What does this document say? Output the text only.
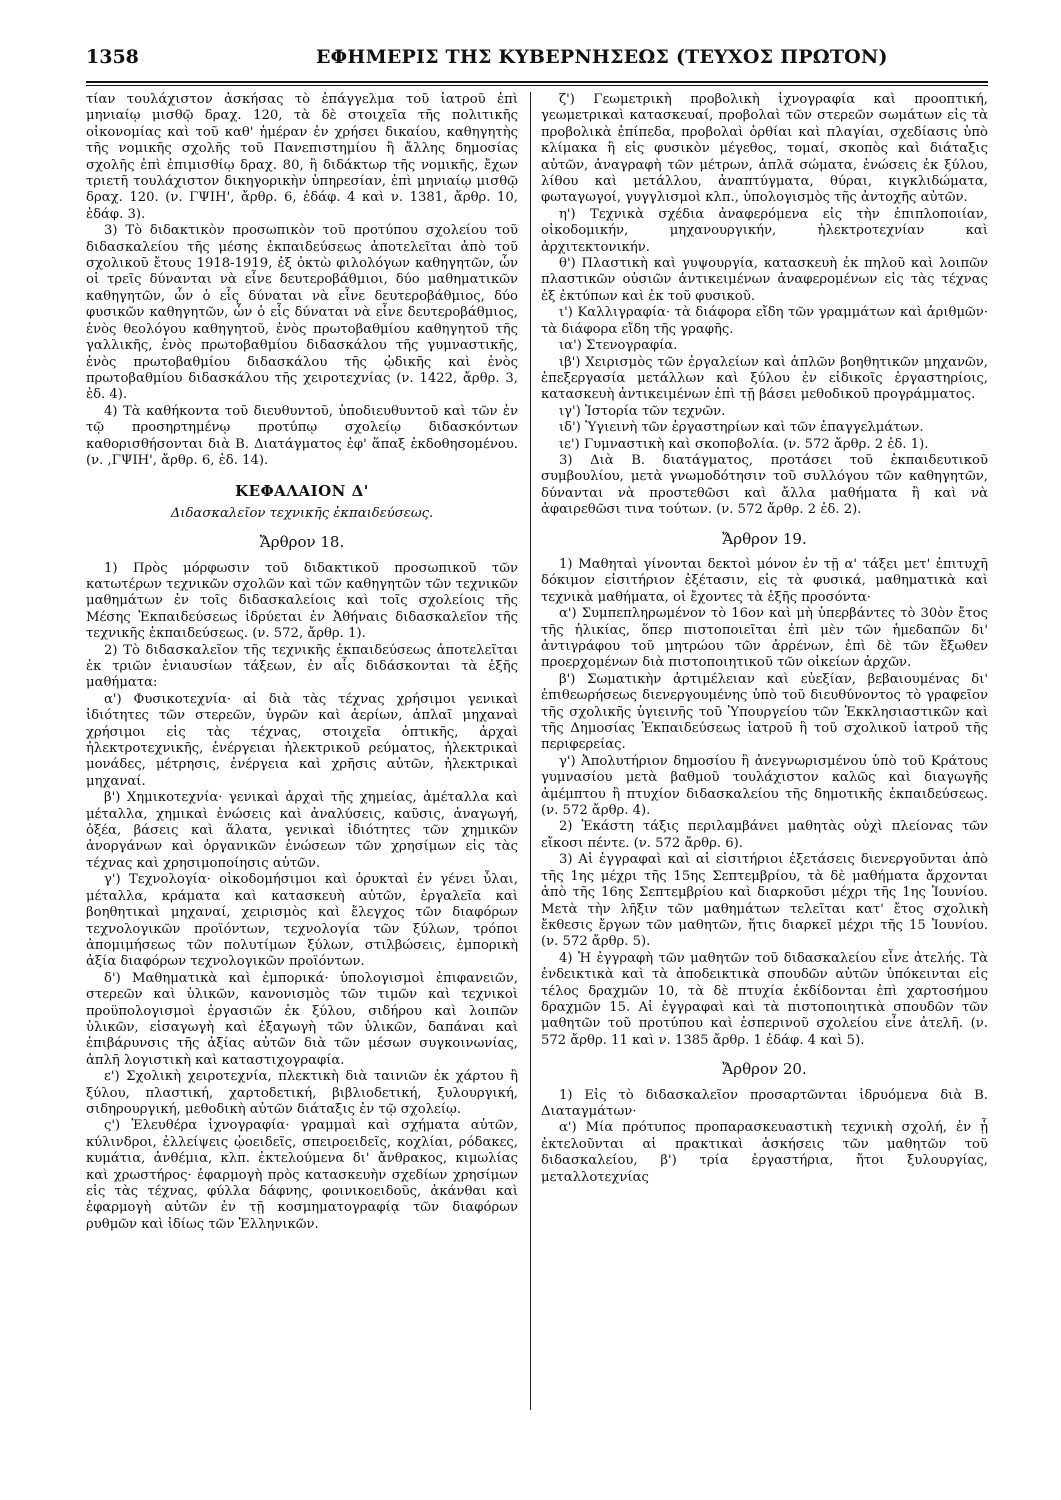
1358	ΕΦΗΜΕΡΙΣ ΤΗΣ ΚΥΒΕΡΝΗΣΕΩΣ (ΤΕΥΧΟΣ ΠΡΩΤΟΝ)

τίαν τουλάχιστον ἀσκήσας τὸ ἐπάγγελμα τοῦ ἰατροῦ ἐπὶ μηνιαίῳ μισθῷ δραχ. 120, τὰ δὲ στοιχεῖα τῆς πολιτικῆς οἰκονομίας καὶ τοῦ καθ' ἡμέραν ἐν χρήσει δικαίου, καθηγητὴς τῆς νομικῆς σχολῆς τοῦ Πανεπιστημίου ἢ ἄλλης δημοσίας σχολῆς ἐπὶ ἐπιμισθίῳ δραχ. 80, ἢ διδάκτωρ τῆς νομικῆς, ἔχων τριετῆ τουλάχιστον δικηγορικὴν ὑπηρεσίαν, ἐπὶ μηνιαίῳ μισθῷ δραχ. 120. (ν. ΓΨΙΗ', ἄρθρ. 6, ἐδάφ. 4 καὶ ν. 1381, ἄρθρ. 10, ἐδάφ. 3).

3) Τὸ διδακτικὸν προσωπικὸν τοῦ προτύπου σχολείου τοῦ διδασκαλείου τῆς μέσης ἐκπαιδεύσεως ἀποτελεῖται ἀπὸ τοῦ σχολικοῦ ἔτους 1918-1919, ἐξ ὀκτὼ φιλολόγων καθηγητῶν, ὧν οἱ τρεῖς δύνανται νὰ εἶνε δευτεροβάθμιοι, δύο μαθηματικῶν καθηγητῶν, ὧν ὁ εἷς δύναται νὰ εἶνε δευτεροβάθμιος, δύο φυσικῶν καθηγητῶν, ὧν ὁ εἷς δύναται νὰ εἶνε δευτεροβάθμιος, ἑνὸς θεολόγου καθηγητοῦ, ἑνὸς πρωτοβαθμίου καθηγητοῦ τῆς γαλλικῆς, ἑνὸς πρωτοβαθμίου διδασκάλου τῆς γυμναστικῆς, ἑνὸς πρωτοβαθμίου διδασκάλου τῆς ᾠδικῆς καὶ ἑνὸς πρωτοβαθμίου διδασκάλου τῆς χειροτεχνίας (ν. 1422, ἄρθρ. 3, ἐδ. 4).

4) Τὰ καθήκοντα τοῦ διευθυντοῦ, ὑποδιευθυντοῦ καὶ τῶν ἐν τῷ προσηρτημένῳ προτύπῳ σχολείῳ διδασκόντων καθορισθήσονται διὰ Β. Διατάγματος ἐφ' ἅπαξ ἐκδοθησομένου. (ν. ,ΓΨΙΗ', ἄρθρ. 6, ἐδ. 14).

ΚΕΦΑΛΑΙΟΝ Δ'
Διδασκαλεῖον τεχνικῆς ἐκπαιδεύσεως.
Ἄρθρον 18.

1) Πρὸς μόρφωσιν τοῦ διδακτικοῦ προσωπικοῦ τῶν κατωτέρων τεχνικῶν σχολῶν καὶ τῶν καθηγητῶν τῶν τεχνικῶν μαθημάτων ἐν τοῖς διδασκαλείοις καὶ τοῖς σχολείοις τῆς Μέσης Ἐκπαιδεύσεως ἱδρύεται ἐν Ἀθήναις διδασκαλεῖον τῆς τεχνικῆς ἐκπαιδεύσεως. (ν. 572, ἄρθρ. 1).

2) Τὸ διδασκαλεῖον τῆς τεχνικῆς ἐκπαιδεύσεως ἀποτελεῖται ἐκ τριῶν ἐνιαυσίων τάξεων, ἐν αἷς διδάσκονται τὰ ἑξῆς μαθήματα:

α') Φυσικοτεχνία· αἱ διὰ τὰς τέχνας χρήσιμοι γενικαὶ ἰδιότητες τῶν στερεῶν, ὑγρῶν καὶ ἀερίων, ἁπλαῖ μηχαναὶ χρήσιμοι εἰς τὰς τέχνας, στοιχεῖα ὀπτικῆς, ἀρχαὶ ἠλεκτροτεχνικῆς, ἐνέργειαι ἠλεκτρικοῦ ρεύματος, ἠλεκτρικαὶ μονάδες, μέτρησις, ἐνέργεια καὶ χρῆσις αὐτῶν, ἠλεκτρικαὶ μηχαναί.

β') Χημικοτεχνία· γενικαὶ ἀρχαὶ τῆς χημείας, ἀμέταλλα καὶ μέταλλα, χημικαὶ ἑνώσεις καὶ ἀναλύσεις, καῦσις, ἀναγωγή, ὀξέα, βάσεις καὶ ἅλατα, γενικαὶ ἰδιότητες τῶν χημικῶν ἀνοργάνων καὶ ὀργανικῶν ἑνώσεων τῶν χρησίμων εἰς τὰς τέχνας καὶ χρησιμοποίησις αὐτῶν.

γ') Τεχνολογία· οἰκοδομήσιμοι καὶ ὀρυκταὶ ἐν γένει ὗλαι, μέταλλα, κράματα καὶ κατασκευὴ αὐτῶν, ἐργαλεῖα καὶ βοηθητικαὶ μηχαναί, χειρισμὸς καὶ ἔλεγχος τῶν διαφόρων τεχνολογικῶν προϊόντων, τεχνολογία τῶν ξύλων, τρόποι ἀπομιμήσεως τῶν πολυτίμων ξύλων, στιλβώσεις, ἐμπορικὴ ἀξία διαφόρων τεχνολογικῶν προϊόντων.

δ') Μαθηματικὰ καὶ ἐμπορικά· ὑπολογισμοὶ ἐπιφανειῶν, στερεῶν καὶ ὑλικῶν, κανονισμὸς τῶν τιμῶν καὶ τεχνικοὶ προϋπολογισμοὶ ἐργασιῶν ἐκ ξύλου, σιδήρου καὶ λοιπῶν ὑλικῶν, εἰσαγωγὴ καὶ ἐξαγωγὴ τῶν ὑλικῶν, δαπάναι καὶ ἐπιβάρυνσις τῆς ἀξίας αὐτῶν διὰ τῶν μέσων συγκοινωνίας, ἁπλῆ λογιστικὴ καὶ καταστιχογραφία.

ε') Σχολικὴ χειροτεχνία, πλεκτικὴ διὰ ταινιῶν ἐκ χάρτου ἢ ξύλου, πλαστική, χαρτοδετική, βιβλιοδετική, ξυλουργική, σιδηρουργική, μεθοδικὴ αὐτῶν διάταξις ἐν τῷ σχολείῳ.

ς') Ἐλευθέρα ἰχνογραφία· γραμμαὶ καὶ σχήματα αὐτῶν, κύλινδροι, ἐλλείψεις ᾠοειδεῖς, σπειροειδεῖς, κοχλίαι, ρόδακες, κυμάτια, ἀνθέμια, κλπ. ἐκτελούμενα δι' ἄνθρακος, κιμωλίας καὶ χρωστήρος· ἐφαρμογὴ πρὸς κατασκευὴν σχεδίων χρησίμων εἰς τὰς τέχνας, φύλλα δάφνης, φοινικοειδοῦς, ἀκάνθαι καὶ ἐφαρμογὴ αὐτῶν ἐν τῇ κοσμηματογραφίᾳ τῶν διαφόρων ρυθμῶν καὶ ἰδίως τῶν Ἑλληνικῶν.

ζ') Γεωμετρικὴ προβολικὴ ἰχνογραφία καὶ προοπτική, γεωμετρικαὶ κατασκευαί, προβολαὶ τῶν στερεῶν σωμάτων εἰς τὰ προβολικὰ ἐπίπεδα, προβολαὶ ὀρθίαι καὶ πλαγίαι, σχεδίασις ὑπὸ κλίμακα ἢ εἰς φυσικὸν μέγεθος, τομαί, σκοπὸς καὶ διάταξις αὐτῶν, ἀναγραφὴ τῶν μέτρων, ἁπλᾶ σώματα, ἑνώσεις ἐκ ξύλου, λίθου καὶ μετάλλου, ἀναπτύγματα, θύραι, κιγκλιδώματα, φωταγωγοί, γυγγλισμοὶ κλπ., ὑπολογισμὸς τῆς ἀντοχῆς αὐτῶν.

η') Τεχνικὰ σχέδια ἀναφερόμενα εἰς τὴν ἐπιπλοποιίαν, οἰκοδομικήν, μηχανουργικήν, ἠλεκτροτεχνίαν καὶ ἀρχιτεκτονικήν.

θ') Πλαστικὴ καὶ γυψουργία, κατασκευὴ ἐκ πηλοῦ καὶ λοιπῶν πλαστικῶν οὐσιῶν ἀντικειμένων ἀναφερομένων εἰς τὰς τέχνας ἐξ ἐκτύπων καὶ ἐκ τοῦ φυσικοῦ.

ι') Καλλιγραφία· τὰ διάφορα εἴδη τῶν γραμμάτων καὶ ἀριθμῶν· τὰ διάφορα εἴδη τῆς γραφῆς.

ια') Στενογραφία.

ιβ') Χειρισμὸς τῶν ἐργαλείων καὶ ἁπλῶν βοηθητικῶν μηχανῶν, ἐπεξεργασία μετάλλων καὶ ξύλου ἐν εἰδικοῖς ἐργαστηρίοις, κατασκευὴ ἀντικειμένων ἐπὶ τῇ βάσει μεθοδικοῦ προγράμματος.

ιγ') Ἱστορία τῶν τεχνῶν.

ιδ') Ὑγιεινὴ τῶν ἐργαστηρίων καὶ τῶν ἐπαγγελμάτων.

ιε') Γυμναστικὴ καὶ σκοποβολία. (ν. 572 ἄρθρ. 2 ἐδ. 1).

3) Διὰ Β. διατάγματος, προτάσει τοῦ ἐκπαιδευτικοῦ συμβουλίου, μετὰ γνωμοδότησιν τοῦ συλλόγου τῶν καθηγητῶν, δύνανται νὰ προστεθῶσι καὶ ἄλλα μαθήματα ἢ καὶ νὰ ἀφαιρεθῶσι τινα τούτων. (ν. 572 ἄρθρ. 2 ἐδ. 2).

Ἄρθρον 19.

1) Μαθηταὶ γίνονται δεκτοὶ μόνον ἐν τῇ α' τάξει μετ' ἐπιτυχῆ δόκιμον εἰσιτήριον ἐξέτασιν, εἰς τὰ φυσικά, μαθηματικὰ καὶ τεχνικὰ μαθήματα, οἱ ἔχοντες τὰ ἑξῆς προσόντα·

α') Συμπεπληρωμένον τὸ 16ον καὶ μὴ ὑπερβάντες τὸ 30ὸν ἔτος τῆς ἡλικίας, ὅπερ πιστοποιεῖται ἐπὶ μὲν τῶν ἡμεδαπῶν δι' ἀντιγράφου τοῦ μητρώου τῶν ἀρρένων, ἐπὶ δὲ τῶν ἔξωθεν προερχομένων διὰ πιστοποιητικοῦ τῶν οἰκείων ἀρχῶν.

β') Σωματικὴν ἀρτιμέλειαν καὶ εὐεξίαν, βεβαιουμένας δι' ἐπιθεωρήσεως διενεργουμένης ὑπὸ τοῦ διευθύνοντος τὸ γραφεῖον τῆς σχολικῆς ὑγιεινῆς τοῦ Ὑπουργείου τῶν Ἐκκλησιαστικῶν καὶ τῆς Δημοσίας Ἐκπαιδεύσεως ἰατροῦ ἢ τοῦ σχολικοῦ ἰατροῦ τῆς περιφερείας.

γ') Ἀπολυτήριον δημοσίου ἢ ἀνεγνωρισμένου ὑπὸ τοῦ Κράτους γυμνασίου μετὰ βαθμοῦ τουλάχιστον καλῶς καὶ διαγωγῆς ἀμέμπτου ἢ πτυχίον διδασκαλείου τῆς δημοτικῆς ἐκπαιδεύσεως. (ν. 572 ἄρθρ. 4).

2) Ἑκάστη τάξις περιλαμβάνει μαθητὰς οὐχὶ πλείονας τῶν εἴκοσι πέντε. (ν. 572 ἄρθρ. 6).

3) Αἱ ἐγγραφαὶ καὶ αἱ εἰσιτήριοι ἐξετάσεις διενεργοῦνται ἀπὸ τῆς 1ης μέχρι τῆς 15ης Σεπτεμβρίου, τὰ δὲ μαθήματα ἄρχονται ἀπὸ τῆς 16ης Σεπτεμβρίου καὶ διαρκοῦσι μέχρι τῆς 1ης Ἰουνίου. Μετὰ τὴν λῆξιν τῶν μαθημάτων τελεῖται κατ' ἔτος σχολικὴ ἔκθεσις ἔργων τῶν μαθητῶν, ἥτις διαρκεῖ μέχρι τῆς 15 Ἰουνίου. (ν. 572 ἄρθρ. 5).

4) Ἡ ἐγγραφὴ τῶν μαθητῶν τοῦ διδασκαλείου εἶνε ἀτελής. Τὰ ἐνδεικτικὰ καὶ τὰ ἀποδεικτικὰ σπουδῶν αὐτῶν ὑπόκεινται εἰς τέλος δραχμῶν 10, τὰ δὲ πτυχία ἐκδίδονται ἐπὶ χαρτοσήμου δραχμῶν 15. Αἱ ἐγγραφαὶ καὶ τὰ πιστοποιητικὰ σπουδῶν τῶν μαθητῶν τοῦ προτύπου καὶ ἑσπερινοῦ σχολείου εἶνε ἀτελῆ. (ν. 572 ἄρθρ. 11 καὶ ν. 1385 ἄρθρ. 1 ἐδάφ. 4 καὶ 5).

Ἄρθρον 20.

1) Εἰς τὸ διδασκαλεῖον προσαρτῶνται ἱδρυόμενα διὰ Β. Διαταγμάτων·

α') Μία πρότυπος προπαρασκευαστικὴ τεχνικὴ σχολή, ἐν ᾗ ἐκτελοῦνται αἱ πρακτικαὶ ἀσκήσεις τῶν μαθητῶν τοῦ διδασκαλείου, β') τρία ἐργαστήρια, ἤτοι ξυλουργίας, μεταλλοτεχνίας
